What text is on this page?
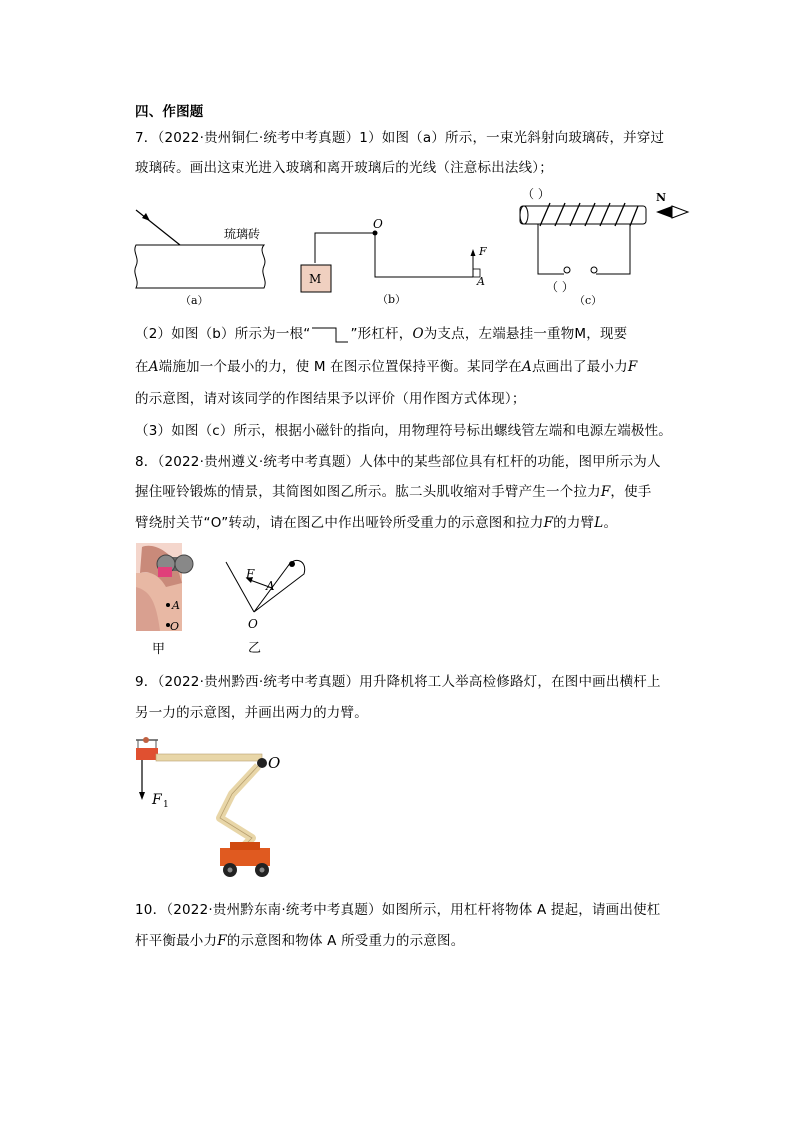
四、作图题
7．（2022·贵州铜仁·统考中考真题）1）如图（a）所示，一束光斜射向玻璃砖，并穿过
玻璃砖。画出这束光进入玻璃和离开玻璃后的光线（注意标出法线）；
琉璃砖
（a）
O
M
F
A
（b）
（ ）
（ ）
N
（c）
（2）如图（b）所示为一根“	”形杠杆，O为支点，左端悬挂一重物M，现要
在A端施加一个最小的力，使 M 在图示位置保持平衡。某同学在A点画出了最小力F
的示意图，请对该同学的作图结果予以评价（用作图方式体现）；
（3）如图（c）所示，根据小磁针的指向，用物理符号标出螺线管左端和电源左端极性。
8．（2022·贵州遵义·统考中考真题）人体中的某些部位具有杠杆的功能，图甲所示为人
握住哑铃锻炼的情景，其简图如图乙所示。肱二头肌收缩对手臂产生一个拉力F，使手
臂绕肘关节“O”转动，请在图乙中作出哑铃所受重力的示意图和拉力F的力臂L。
A
O
甲
F
A
O
乙
9．（2022·贵州黔西·统考中考真题）用升降机将工人举高检修路灯，在图中画出横杆上
另一力的示意图，并画出两力的力臂。
O
F 1
10．（2022·贵州黔东南·统考中考真题）如图所示，用杠杆将物体 A 提起，请画出使杠
杆平衡最小力F的示意图和物体 A 所受重力的示意图。
